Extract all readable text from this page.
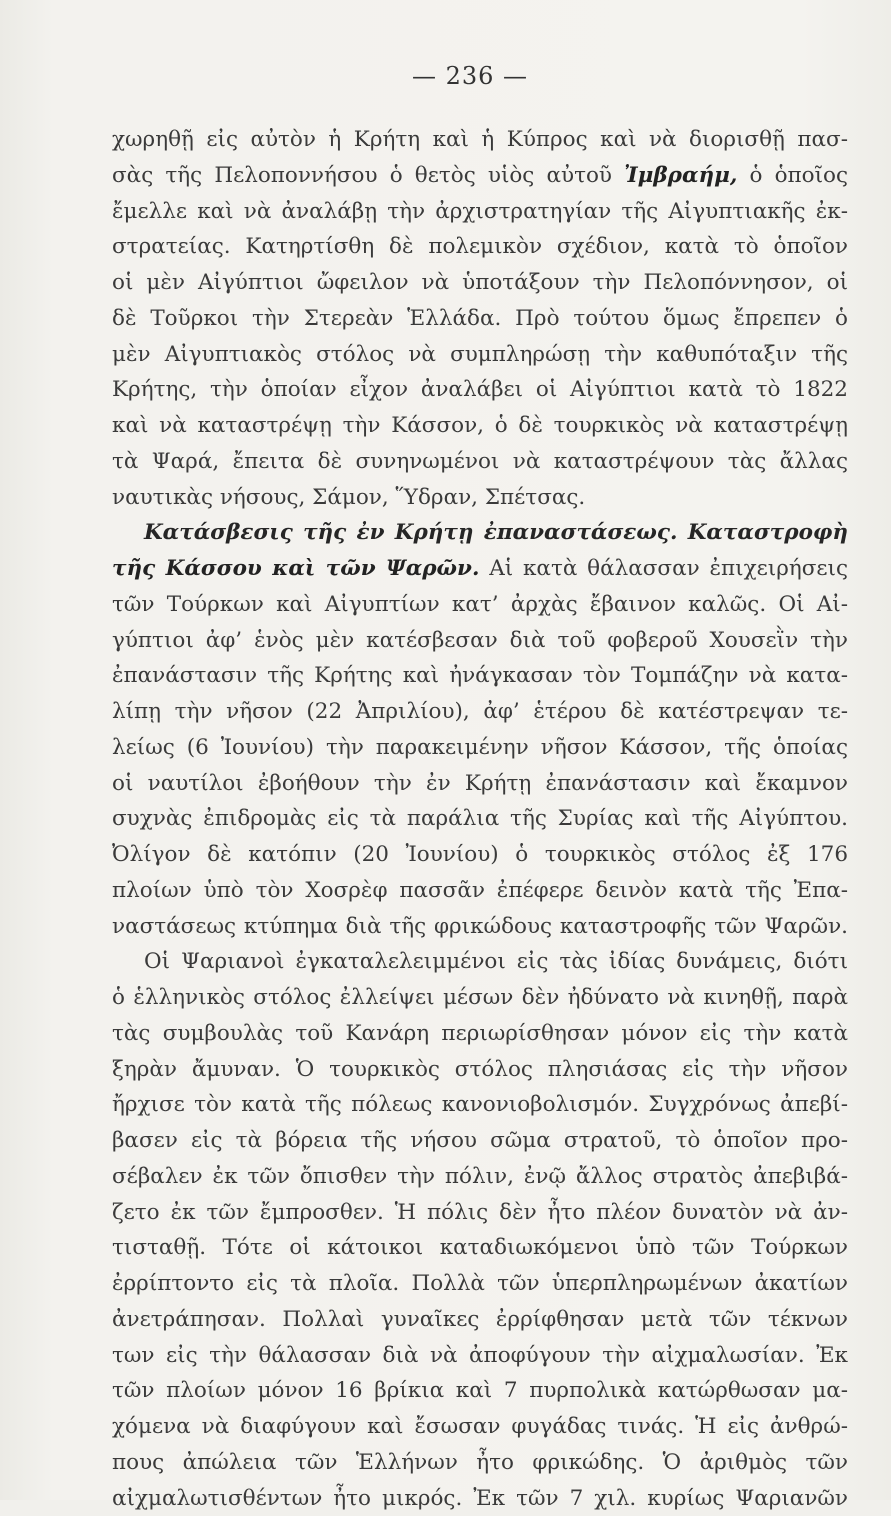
— 236 —
χωρηθῇ εἰς αὐτὸν ἡ Κρήτη καὶ ἡ Κύπρος καὶ νὰ διορισθῇ πασ-
σὰς τῆς Πελοποννήσου ὁ θετὸς υἱὸς αὐτοῦ Ἰμβραήμ, ὁ ὁποῖος
ἔμελλε καὶ νὰ ἀναλάβῃ τὴν ἀρχιστρατηγίαν τῆς Αἰγυπτιακῆς ἐκ-
στρατείας. Κατηρτίσθη δὲ πολεμικὸν σχέδιον, κατὰ τὸ ὁποῖον
οἱ μὲν Αἰγύπτιοι ὤφειλον νὰ ὑποτάξουν τὴν Πελοπόννησον, οἱ
δὲ Τοῦρκοι τὴν Στερεὰν Ἑλλάδα. Πρὸ τούτου ὅμως ἔπρεπεν ὁ
μὲν Αἰγυπτιακὸς στόλος νὰ συμπληρώσῃ τὴν καθυπόταξιν τῆς
Κρήτης, τὴν ὁποίαν εἶχον ἀναλάβει οἱ Αἰγύπτιοι κατὰ τὸ 1822
καὶ νὰ καταστρέψῃ τὴν Κάσσον, ὁ δὲ τουρκικὸς νὰ καταστρέψῃ
τὰ Ψαρά, ἔπειτα δὲ συνηνωμένοι νὰ καταστρέψουν τὰς ἄλλας
ναυτικὰς νήσους, Σάμον, Ὕδραν, Σπέτσας.
Κατάσβεσις τῆς ἐν Κρήτῃ ἐπαναστάσεως. Καταστροφὴ
τῆς Κάσσου καὶ τῶν Ψαρῶν. Αἱ κατὰ θάλασσαν ἐπιχειρήσεις
τῶν Τούρκων καὶ Αἰγυπτίων κατ’ ἀρχὰς ἔβαινον καλῶς. Οἱ Αἰ-
γύπτιοι ἀφ’ ἑνὸς μὲν κατέσβεσαν διὰ τοῦ φοβεροῦ Χουσεῒν τὴν
ἐπανάστασιν τῆς Κρήτης καὶ ἠνάγκασαν τὸν Τομπάζην νὰ κατα-
λίπῃ τὴν νῆσον (22 Ἀπριλίου), ἀφ’ ἑτέρου δὲ κατέστρεψαν τε-
λείως (6 Ἰουνίου) τὴν παρακειμένην νῆσον Κάσσον, τῆς ὁποίας
οἱ ναυτίλοι ἐβοήθουν τὴν ἐν Κρήτῃ ἐπανάστασιν καὶ ἔκαμνον
συχνὰς ἐπιδρομὰς εἰς τὰ παράλια τῆς Συρίας καὶ τῆς Αἰγύπτου.
Ὀλίγον δὲ κατόπιν (20 Ἰουνίου) ὁ τουρκικὸς στόλος ἐξ 176
πλοίων ὑπὸ τὸν Χοσρὲφ πασσᾶν ἐπέφερε δεινὸν κατὰ τῆς Ἐπα-
ναστάσεως κτύπημα διὰ τῆς φρικώδους καταστροφῆς τῶν Ψαρῶν.
Οἱ Ψαριανοὶ ἐγκαταλελειμμένοι εἰς τὰς ἰδίας δυνάμεις, διότι
ὁ ἑλληνικὸς στόλος ἐλλείψει μέσων δὲν ἠδύνατο νὰ κινηθῇ, παρὰ
τὰς συμβουλὰς τοῦ Κανάρη περιωρίσθησαν μόνον εἰς τὴν κατὰ
ξηρὰν ἄμυναν. Ὁ τουρκικὸς στόλος πλησιάσας εἰς τὴν νῆσον
ἤρχισε τὸν κατὰ τῆς πόλεως κανονιοβολισμόν. Συγχρόνως ἀπεβί-
βασεν εἰς τὰ βόρεια τῆς νήσου σῶμα στρατοῦ, τὸ ὁποῖον προ-
σέβαλεν ἐκ τῶν ὄπισθεν τὴν πόλιν, ἐνῷ ἄλλος στρατὸς ἀπεβιβά-
ζετο ἐκ τῶν ἔμπροσθεν. Ἡ πόλις δὲν ἦτο πλέον δυνατὸν νὰ ἀν-
τισταθῇ. Τότε οἱ κάτοικοι καταδιωκόμενοι ὑπὸ τῶν Τούρκων
ἐρρίπτοντο εἰς τὰ πλοῖα. Πολλὰ τῶν ὑπερπληρωμένων ἀκατίων
ἀνετράπησαν. Πολλαὶ γυναῖκες ἐρρίφθησαν μετὰ τῶν τέκνων
των εἰς τὴν θάλασσαν διὰ νὰ ἀποφύγουν τὴν αἰχμαλωσίαν. Ἐκ
τῶν πλοίων μόνον 16 βρίκια καὶ 7 πυρπολικὰ κατώρθωσαν μα-
χόμενα νὰ διαφύγουν καὶ ἔσωσαν φυγάδας τινάς. Ἡ εἰς ἀνθρώ-
πους ἀπώλεια τῶν Ἑλλήνων ἦτο φρικώδης. Ὁ ἀριθμὸς τῶν
αἰχμαλωτισθέντων ἦτο μικρός. Ἐκ τῶν 7 χιλ. κυρίως Ψαριανῶν
